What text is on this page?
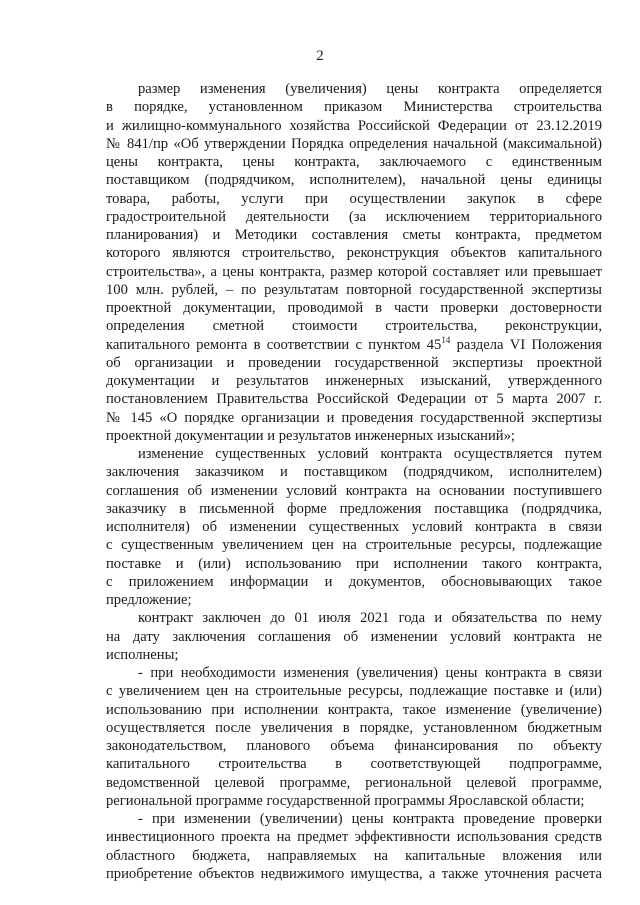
2
размер изменения (увеличения) цены контракта определяется
в порядке, установленном приказом Министерства строительства
и жилищно-коммунального хозяйства Российской Федерации от 23.12.2019
№ 841/пр «Об утверждении Порядка определения начальной (максимальной)
цены контракта, цены контракта, заключаемого с единственным
поставщиком (подрядчиком, исполнителем), начальной цены единицы
товара, работы, услуги при осуществлении закупок в сфере
градостроительной деятельности (за исключением территориального
планирования) и Методики составления сметы контракта, предметом
которого являются строительство, реконструкция объектов капитального
строительства», а цены контракта, размер которой составляет или превышает
100 млн. рублей, – по результатам повторной государственной экспертизы
проектной документации, проводимой в части проверки достоверности
определения сметной стоимости строительства, реконструкции,
капитального ремонта в соответствии с пунктом $45^{14}$ раздела VI Положения
об организации и проведении государственной экспертизы проектной
документации и результатов инженерных изысканий, утвержденного
постановлением Правительства Российской Федерации от 5 марта 2007 г.
№ 145 «О порядке организации и проведения государственной экспертизы
проектной документации и результатов инженерных изысканий»;
изменение существенных условий контракта осуществляется путем
заключения заказчиком и поставщиком (подрядчиком, исполнителем)
соглашения об изменении условий контракта на основании поступившего
заказчику в письменной форме предложения поставщика (подрядчика,
исполнителя) об изменении существенных условий контракта в связи
с существенным увеличением цен на строительные ресурсы, подлежащие
поставке и (или) использованию при исполнении такого контракта,
с приложением информации и документов, обосновывающих такое
предложение;
контракт заключен до 01 июля 2021 года и обязательства по нему
на дату заключения соглашения об изменении условий контракта не
исполнены;
- при необходимости изменения (увеличения) цены контракта в связи
с увеличением цен на строительные ресурсы, подлежащие поставке и (или)
использованию при исполнении контракта, такое изменение (увеличение)
осуществляется после увеличения в порядке, установленном бюджетным
законодательством, планового объема финансирования по объекту
капитального строительства в соответствующей подпрограмме,
ведомственной целевой программе, региональной целевой программе,
региональной программе государственной программы Ярославской области;
- при изменении (увеличении) цены контракта проведение проверки
инвестиционного проекта на предмет эффективности использования средств
областного бюджета, направляемых на капитальные вложения или
приобретение объектов недвижимого имущества, а также уточнения расчета
